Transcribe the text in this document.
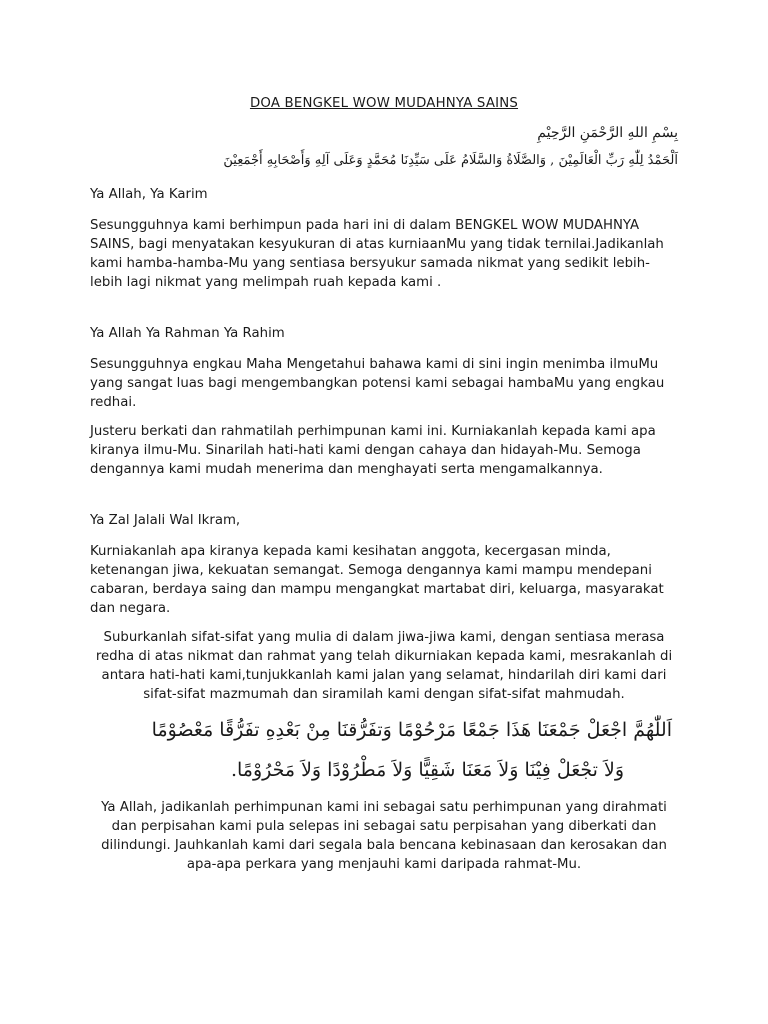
DOA BENGKEL WOW MUDAHNYA SAINS
بِسْمِ اللهِ الرَّحْمَنِ الرَّحِيْمِ
اَلْحَمْدُ لِلّٰهِ رَبِّ الْعَالَمِيْنَ , وَالصَّلَاةُ وَالسَّلَامُ عَلَى سَيِّدِنَا مُحَمَّدٍ وَعَلَى آلِهِ وَأَصْحَابِهِ أَجْمَعِيْنَ
Ya Allah, Ya Karim

Sesungguhnya kami berhimpun pada hari ini di dalam BENGKEL WOW MUDAHNYA SAINS, bagi menyatakan kesyukuran di atas kurniaanMu yang tidak ternilai.Jadikanlah kami hamba-hamba-Mu yang sentiasa bersyukur samada nikmat yang sedikit lebih-lebih lagi nikmat yang melimpah ruah kepada kami .

Ya Allah Ya Rahman Ya Rahim

Sesungguhnya engkau Maha Mengetahui bahawa kami di sini ingin menimba ilmuMu yang sangat luas bagi mengembangkan potensi kami sebagai hambaMu yang engkau redhai.

Justeru berkati dan rahmatilah perhimpunan kami ini. Kurniakanlah kepada kami apa kiranya ilmu-Mu. Sinarilah hati-hati kami dengan cahaya dan hidayah-Mu. Semoga dengannya kami mudah menerima dan menghayati serta mengamalkannya.

Ya Zal Jalali Wal Ikram,

Kurniakanlah apa kiranya kepada kami kesihatan anggota, kecergasan minda, ketenangan jiwa, kekuatan semangat. Semoga dengannya kami mampu mendepani cabaran, berdaya saing dan mampu mengangkat martabat diri, keluarga, masyarakat dan negara.

Suburkanlah sifat-sifat yang mulia di dalam jiwa-jiwa kami, dengan sentiasa merasa redha di atas nikmat dan rahmat yang telah dikurniakan kepada kami, mesrakanlah di antara hati-hati kami,tunjukkanlah kami jalan yang selamat, hindarilah diri kami dari sifat-sifat mazmumah dan siramilah kami dengan sifat-sifat mahmudah.

اَللّٰهُمَّ اجْعَلْ جَمْعَنَا هَذَا جَمْعًا مَرْحُوْمًا وَتفَرُّقنَا مِنْ بَعْدِهِ تفَرُّقًا مَعْصُوْمًا
وَلاَ تجْعَلْ فِيْنَا وَلاَ مَعَنَا شَقِيًّا وَلاَ مَطْرُوْدًا وَلاَ مَحْرُوْمًا.

Ya Allah, jadikanlah perhimpunan kami ini sebagai satu perhimpunan yang dirahmati dan perpisahan kami pula selepas ini sebagai satu perpisahan yang diberkati dan dilindungi. Jauhkanlah kami dari segala bala bencana kebinasaan dan kerosakan dan apa-apa perkara yang menjauhi kami daripada rahmat-Mu.
